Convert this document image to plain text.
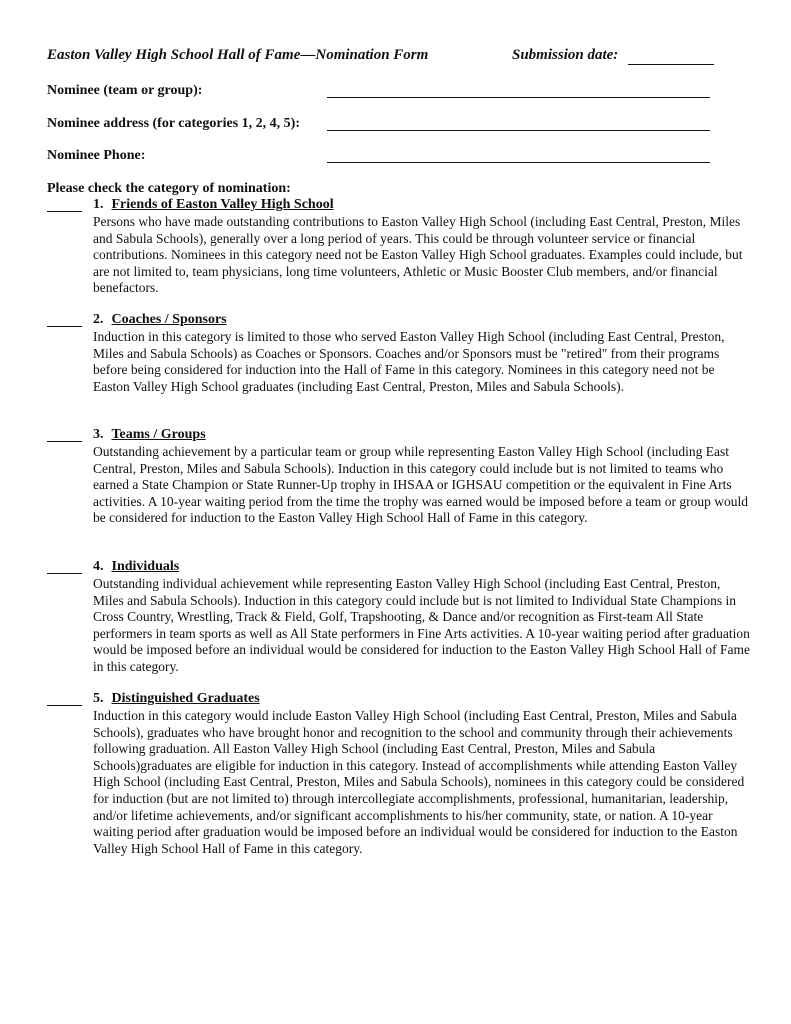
Easton Valley High School Hall of Fame—Nomination Form	Submission date:
Nominee (team or group):
Nominee address (for categories 1, 2, 4, 5):
Nominee Phone:
Please check the category of nomination:
1. Friends of Easton Valley High School
Persons who have made outstanding contributions to Easton Valley High School (including East Central, Preston, Miles and Sabula Schools), generally over a long period of years. This could be through volunteer service or financial contributions. Nominees in this category need not be Easton Valley High School graduates. Examples could include, but are not limited to, team physicians, long time volunteers, Athletic or Music Booster Club members, and/or financial benefactors.
2. Coaches / Sponsors
Induction in this category is limited to those who served Easton Valley High School (including East Central, Preston, Miles and Sabula Schools) as Coaches or Sponsors. Coaches and/or Sponsors must be "retired" from their programs before being considered for induction into the Hall of Fame in this category. Nominees in this category need not be Easton Valley High School graduates (including East Central, Preston, Miles and Sabula Schools).
3. Teams / Groups
Outstanding achievement by a particular team or group while representing Easton Valley High School (including East Central, Preston, Miles and Sabula Schools). Induction in this category could include but is not limited to teams who earned a State Champion or State Runner-Up trophy in IHSAA or IGHSAU competition or the equivalent in Fine Arts activities. A 10-year waiting period from the time the trophy was earned would be imposed before a team or group would be considered for induction to the Easton Valley High School Hall of Fame in this category.
4. Individuals
Outstanding individual achievement while representing Easton Valley High School (including East Central, Preston, Miles and Sabula Schools). Induction in this category could include but is not limited to Individual State Champions in Cross Country, Wrestling, Track & Field, Golf, Trapshooting, & Dance and/or recognition as First-team All State performers in team sports as well as All State performers in Fine Arts activities. A 10-year waiting period after graduation would be imposed before an individual would be considered for induction to the Easton Valley High School Hall of Fame in this category.
5. Distinguished Graduates
Induction in this category would include Easton Valley High School (including East Central, Preston, Miles and Sabula Schools), graduates who have brought honor and recognition to the school and community through their achievements following graduation. All Easton Valley High School (including East Central, Preston, Miles and Sabula Schools)graduates are eligible for induction in this category. Instead of accomplishments while attending Easton Valley High School (including East Central, Preston, Miles and Sabula Schools), nominees in this category could be considered for induction (but are not limited to) through intercollegiate accomplishments, professional, humanitarian, leadership, and/or lifetime achievements, and/or significant accomplishments to his/her community, state, or nation. A 10-year waiting period after graduation would be imposed before an individual would be considered for induction to the Easton Valley High School Hall of Fame in this category.
